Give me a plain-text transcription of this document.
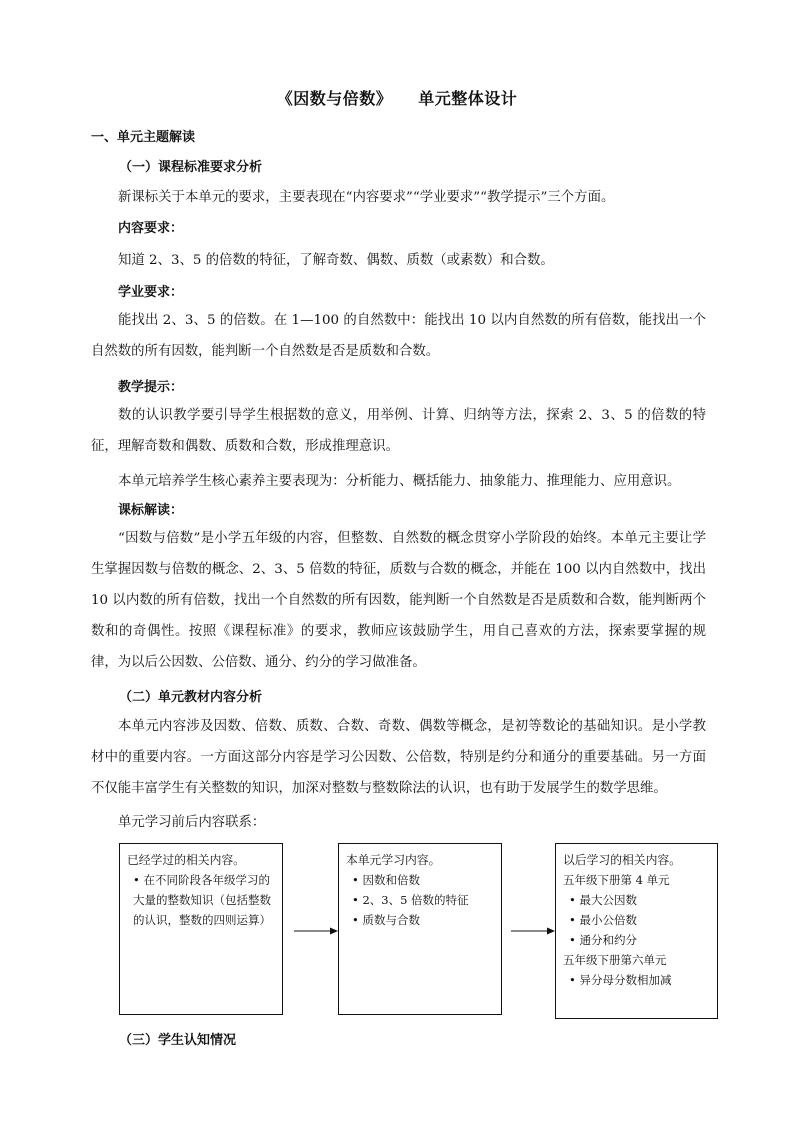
《因数与倍数》 单元整体设计
一、单元主题解读
（一）课程标准要求分析
新课标关于本单元的要求，主要表现在“内容要求”“学业要求”“教学提示”三个方面。
内容要求：
知道 2、3、5 的倍数的特征，了解奇数、偶数、质数（或素数）和合数。
学业要求：
能找出 2、3、5 的倍数。在 1—100 的自然数中：能找出 10 以内自然数的所有倍数，能找出一个自然数的所有因数，能判断一个自然数是否是质数和合数。
教学提示：
数的认识教学要引导学生根据数的意义，用举例、计算、归纳等方法，探索 2、3、5 的倍数的特征，理解奇数和偶数、质数和合数，形成推理意识。
本单元培养学生核心素养主要表现为：分析能力、概括能力、抽象能力、推理能力、应用意识。
课标解读：
“因数与倍数”是小学五年级的内容，但整数、自然数的概念贯穿小学阶段的始终。本单元主要让学生掌握因数与倍数的概念、2、3、5 倍数的特征，质数与合数的概念，并能在 100 以内自然数中，找出 10 以内数的所有倍数，找出一个自然数的所有因数，能判断一个自然数是否是质数和合数，能判断两个数和的奇偶性。按照《课程标准》的要求，教师应该鼓励学生，用自己喜欢的方法，探索要掌握的规律，为以后公因数、公倍数、通分、约分的学习做准备。
（二）单元教材内容分析
本单元内容涉及因数、倍数、质数、合数、奇数、偶数等概念，是初等数论的基础知识。是小学教材中的重要内容。一方面这部分内容是学习公因数、公倍数，特别是约分和通分的重要基础。另一方面不仅能丰富学生有关整数的知识，加深对整数与整数除法的认识，也有助于发展学生的数学思维。
单元学习前后内容联系：
已经学过的相关内容。
• 在不同阶段各年级学习的大量的整数知识（包括整数的认识，整数的四则运算）
本单元学习内容。
• 因数和倍数
• 2、3、5 倍数的特征
• 质数与合数
以后学习的相关内容。
五年级下册第 4 单元
• 最大公因数
• 最小公倍数
• 通分和约分
五年级下册第六单元
• 异分母分数相加减
（三）学生认知情况
